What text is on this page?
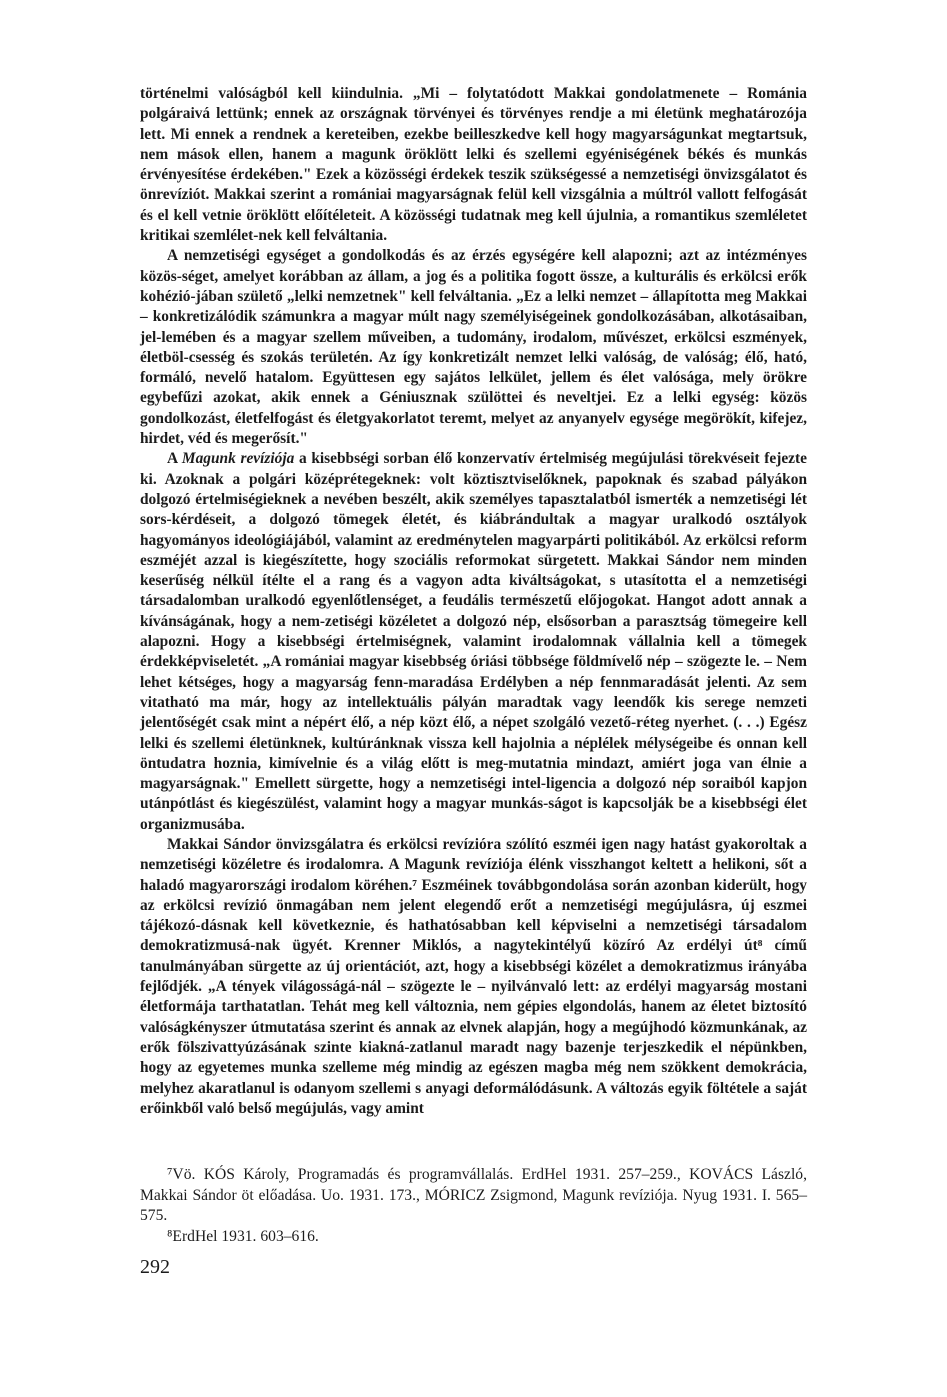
történelmi valóságból kell kiindulnia. „Mi – folytatódott Makkai gondolatmenete – Románia polgáraivá lettünk; ennek az országnak törvényei és törvényes rendje a mi életünk meghatározója lett. Mi ennek a rendnek a kereteiben, ezekbe beilleszkedve kell hogy magyarságunkat megtartsuk, nem mások ellen, hanem a magunk öröklött lelki és szellemi egyéniségének békés és munkás érvényesítése érdekében." Ezek a közösségi érdekek teszik szükségessé a nemzetiségi önvizsgálatot és önrevíziót. Makkai szerint a romániai magyarságnak felül kell vizsgálnia a múltról vallott felfogását és el kell vetnie öröklött előítéleteit. A közösségi tudatnak meg kell újulnia, a romantikus szemléletet kritikai szemlélet-nek kell felváltania.

A nemzetiségi egységet a gondolkodás és az érzés egységére kell alapozni; azt az intézményes közös-séget, amelyet korábban az állam, a jog és a politika fogott össze, a kulturális és erkölcsi erők kohézió-jában születő „lelki nemzetnek" kell felváltania. „Ez a lelki nemzet – állapította meg Makkai – konkretizálódik számunkra a magyar múlt nagy személyiségeinek gondolkozásában, alkotásaiban, jel-lemében és a magyar szellem műveiben, a tudomány, irodalom, művészet, erkölcsi eszmények, életböl-csesség és szokás területén. Az így konkretizált nemzet lelki valóság, de valóság; élő, ható, formáló, nevelő hatalom. Együttesen egy sajátos lelkület, jellem és élet valósága, mely örökre egybefűzi azokat, akik ennek a Géniusznak szülöttei és neveltjei. Ez a lelki egység: közös gondolkozást, életfelfogást és életgyakorlatot teremt, melyet az anyanyelv egysége megörökít, kifejez, hirdet, véd és megerősít."

A Magunk revíziója a kisebbségi sorban élő konzervatív értelmiség megújulási törekvéseit fejezte ki. Azoknak a polgári középrétegeknek: volt köztisztviselőknek, papoknak és szabad pályákon dolgozó értelmiségieknek a nevében beszélt, akik személyes tapasztalatból ismerték a nemzetiségi lét sors-kérdéseit, a dolgozó tömegek életét, és kiábrándultak a magyar uralkodó osztályok hagyományos ideológiájából, valamint az eredménytelen magyarpárti politikából. Az erkölcsi reform eszméjét azzal is kiegészítette, hogy szociális reformokat sürgetett. Makkai Sándor nem minden keserűség nélkül ítélte el a rang és a vagyon adta kiváltságokat, s utasította el a nemzetiségi társadalomban uralkodó egyenlőtlenséget, a feudális természetű előjogokat. Hangot adott annak a kívánságának, hogy a nem-zetiségi közéletet a dolgozó nép, elsősorban a parasztság tömegeire kell alapozni. Hogy a kisebbségi értelmiségnek, valamint irodalomnak vállalnia kell a tömegek érdekképviseletét. „A romániai magyar kisebbség óriási többsége földmívelő nép – szögezte le. – Nem lehet kétséges, hogy a magyarság fenn-maradása Erdélyben a nép fennmaradását jelenti. Az sem vitatható ma már, hogy az intellektuális pályán maradtak vagy leendők kis serege nemzeti jelentőségét csak mint a népért élő, a nép közt élő, a népet szolgáló vezető-réteg nyerhet. (. . .) Egész lelki és szellemi életünknek, kultúránknak vissza kell hajolnia a néplélek mélységeibe és onnan kell öntudatra hoznia, kimívelnie és a világ előtt is meg-mutatnia mindazt, amiért joga van élnie a magyarságnak." Emellett sürgette, hogy a nemzetiségi intel-ligencia a dolgozó nép soraiból kapjon utánpótlást és kiegészülést, valamint hogy a magyar munkás-ságot is kapcsolják be a kisebbségi élet organizmusába.

Makkai Sándor önvizsgálatra és erkölcsi revízióra szólító eszméi igen nagy hatást gyakoroltak a nemzetiségi közéletre és irodalomra. A Magunk revíziója élénk visszhangot keltett a helikoni, sőt a haladó magyarországi irodalom köréhen.⁷ Eszméinek továbbgondolása során azonban kiderült, hogy az erkölcsi revízió önmagában nem jelent elegendő erőt a nemzetiségi megújulásra, új eszmei tájékozó-dásnak kell következnie, és hathatósabban kell képviselni a nemzetiségi társadalom demokratizmusá-nak ügyét. Krenner Miklós, a nagytekintélyű közíró Az erdélyi út⁸ című tanulmányában sürgette az új orientációt, azt, hogy a kisebbségi közélet a demokratizmus irányába fejlődjék. „A tények világosságá-nál – szögezte le – nyilvánvaló lett: az erdélyi magyarság mostani életformája tarthatatlan. Tehát meg kell változnia, nem gépies elgondolás, hanem az életet biztosító valóságkényszer útmutatása szerint és annak az elvnek alapján, hogy a megújhodó közmunkának, az erők fölszivattyúzásának szinte kiakná-zatlanul maradt nagy bazenje terjeszkedik el népünkben, hogy az egyetemes munka szelleme még mindig az egészen magba még nem szökkent demokrácia, melyhez akaratlanul is odanyom szellemi s anyagi deformálódásunk. A változás egyik föltétele a saját erőinkből való belső megújulás, vagy amint

⁷Vö. KÓS Károly, Programadás és programvállalás. ErdHel 1931. 257–259., KOVÁCS László, Makkai Sándor öt előadása. Uo. 1931. 173., MÓRICZ Zsigmond, Magunk revíziója. Nyug 1931. I. 565–575.

⁸ErdHel 1931. 603–616.

292
